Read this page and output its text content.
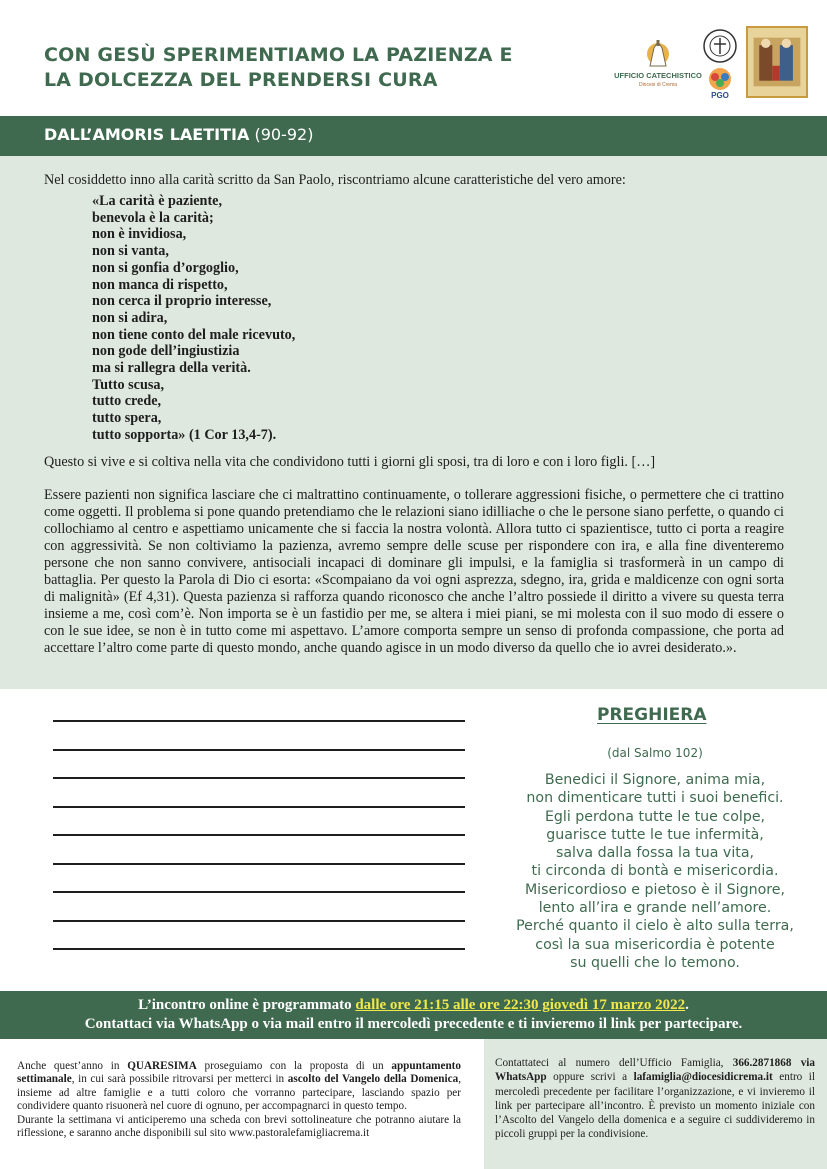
CON GESÙ SPERIMENTIAMO LA PAZIENZA E
LA DOLCEZZA DEL PRENDERSI CURA	UFFICIO CATECHISTICO
Diocesi di Crema
PGO
DALL’AMORIS LAETITIA (90-92)
Nel cosiddetto inno alla carità scritto da San Paolo, riscontriamo alcune caratteristiche del vero amore:
«La carità è paziente,
benevola è la carità;
non è invidiosa,
non si vanta,
non si gonfia d’orgoglio,
non manca di rispetto,
non cerca il proprio interesse,
non si adira,
non tiene conto del male ricevuto,
non gode dell’ingiustizia
ma si rallegra della verità.
Tutto scusa,
tutto crede,
tutto spera,
tutto sopporta» (1 Cor 13,4-7).
Questo si vive e si coltiva nella vita che condividono tutti i giorni gli sposi, tra di loro e con i loro figli. […]
Essere pazienti non significa lasciare che ci maltrattino continuamente, o tollerare aggressioni fisiche, o permettere che ci trattino come oggetti. Il problema si pone quando pretendiamo che le relazioni siano idilliache o che le persone siano perfette, o quando ci collochiamo al centro e aspettiamo unicamente che si faccia la nostra volontà. Allora tutto ci spazientisce, tutto ci porta a reagire con aggressività. Se non coltiviamo la pazienza, avremo sempre delle scuse per rispondere con ira, e alla fine diventeremo persone che non sanno convivere, antisociali incapaci di dominare gli impulsi, e la famiglia si trasformerà in un campo di battaglia. Per questo la Parola di Dio ci esorta: «Scompaiano da voi ogni asprezza, sdegno, ira, grida e maldicenze con ogni sorta di malignità» (Ef 4,31). Questa pazienza si rafforza quando riconosco che anche l’altro possiede il diritto a vivere su questa terra insieme a me, così com’è. Non importa se è un fastidio per me, se altera i miei piani, se mi molesta con il suo modo di essere o con le sue idee, se non è in tutto come mi aspettavo. L’amore comporta sempre un senso di profonda compassione, che porta ad accettare l’altro come parte di questo mondo, anche quando agisce in un modo diverso da quello che io avrei desiderato.».
PREGHIERA
(dal Salmo 102)
Benedici il Signore, anima mia,
non dimenticare tutti i suoi benefici.
Egli perdona tutte le tue colpe,
guarisce tutte le tue infermità,
salva dalla fossa la tua vita,
ti circonda di bontà e misericordia.
Misericordioso e pietoso è il Signore,
lento all’ira e grande nell’amore.
Perché quanto il cielo è alto sulla terra,
così la sua misericordia è potente
su quelli che lo temono.
L’incontro online è programmato dalle ore 21:15 alle ore 22:30 giovedì 17 marzo 2022.
Contattaci via WhatsApp o via mail entro il mercoledì precedente e ti invieremo il link per partecipare.
Anche quest’anno in QUARESIMA proseguiamo con la proposta di un appuntamento settimanale, in cui sarà possibile ritrovarsi per metterci in ascolto del Vangelo della Domenica, insieme ad altre famiglie e a tutti coloro che vorranno partecipare, lasciando spazio per condividere quanto risuonerà nel cuore di ognuno, per accompagnarci in questo tempo.
Durante la settimana vi anticiperemo una scheda con brevi sottolineature che potranno aiutare la riflessione, e saranno anche disponibili sul sito www.pastoralefamigliacrema.it
Contattateci al numero dell’Ufficio Famiglia, 366.2871868 via WhatsApp oppure scrivi a lafamiglia@diocesidicrema.it entro il mercoledì precedente per facilitare l’organizzazione, e vi invieremo il link per partecipare all’incontro. È previsto un momento iniziale con l’Ascolto del Vangelo della domenica e a seguire ci suddivideremo in piccoli gruppi per la condivisione.
